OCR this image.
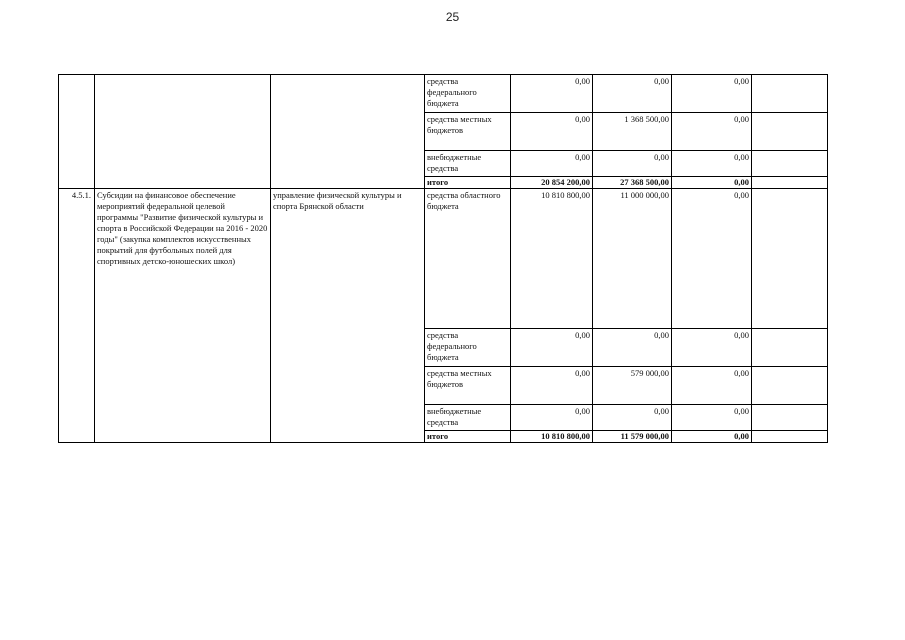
25
			средства федерального бюджета	0,00	0,00	0,00	
			средства местных бюджетов	0,00	1 368 500,00	0,00	
			внебюджетные средства	0,00	0,00	0,00	
			итого	20 854 200,00	27 368 500,00	0,00	
4.5.1.	Субсидии на финансовое обеспечение мероприятий федеральной целевой программы "Развитие физической культуры и спорта в Российской Федерации на 2016 - 2020 годы" (закупка комплектов искусственных покрытий для футбольных полей для спортивных детско-юношеских школ)	управление физической культуры и спорта Брянской области	средства областного бюджета	10 810 800,00	11 000 000,00	0,00	
			средства федерального бюджета	0,00	0,00	0,00	
			средства местных бюджетов	0,00	579 000,00	0,00	
			внебюджетные средства	0,00	0,00	0,00	
			итого	10 810 800,00	11 579 000,00	0,00	
